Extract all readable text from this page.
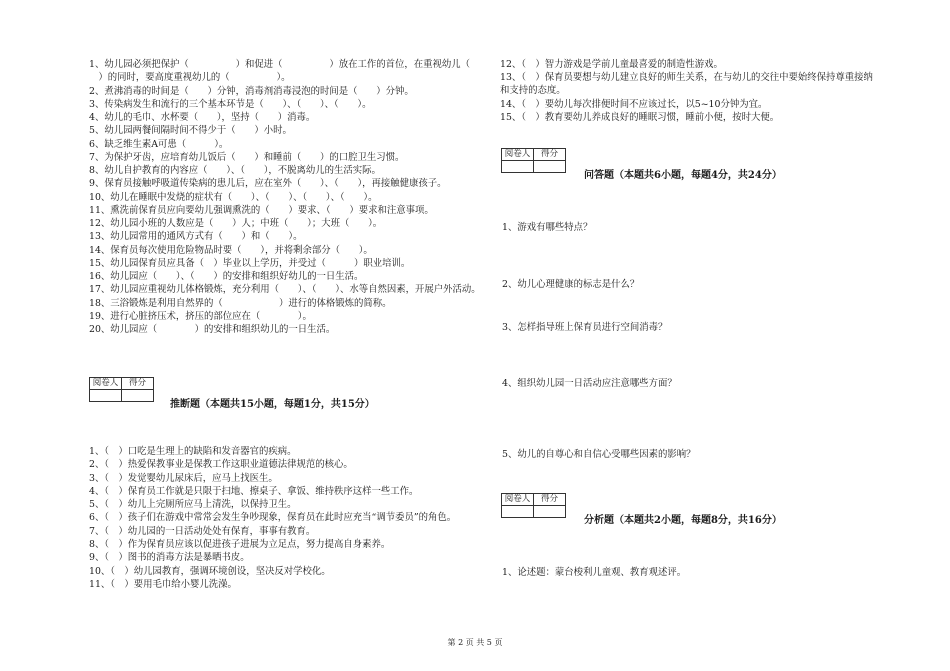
1、幼儿园必须把保护（　　　　　）和促进（　　　　　）放在工作的首位，在重视幼儿（
　）的同时，要高度重视幼儿的（　　　　　）。
2、煮沸消毒的时间是（　　）分钟，消毒剂消毒浸泡的时间是（　　）分钟。
3、传染病发生和流行的三个基本环节是（　　）、（　　）、（　　）。
4、幼儿的毛巾、水杯要（　　），坚持（　　）消毒。
5、幼儿园两餐间隔时间不得少于（　　）小时。
6、缺乏维生素A可患（　　　）。
7、为保护牙齿，应培育幼儿饭后（　　）和睡前（　　）的口腔卫生习惯。
8、幼儿自护教育的内容应（　　）、（　　），不脱离幼儿的生活实际。
9、保育员接触呼吸道传染病的患儿后，应在室外（　　）、（　　），再接触健康孩子。
10、幼儿在睡眠中发烧的症状有（　　）、（　　）、（　　）、（　　）。
11、熏洗前保育员应向要幼儿强调熏洗的（　　）要求、（　　）要求和注意事项。
12、幼儿园小班的人数应是（　　）人；中班（　　）；大班（　　）。
13、幼儿园常用的通风方式有（　　）和（　　）。
14、保育员每次使用危险物品时要（　　），并将剩余部分（　　）。
15、幼儿园保育员应具备（　）毕业以上学历，并受过（　　　）职业培训。
16、幼儿园应（　　）、（　　）的安排和组织好幼儿的一日生活。
17、幼儿园应重视幼儿体格锻炼，充分利用（　　）、（　　）、水等自然因素，开展户外活动。
18、三浴锻炼是利用自然界的（　　　　　　）进行的体格锻炼的简称。
19、进行心脏挤压术，挤压的部位应在（　　　　）。
20、幼儿园应（　　　　）的安排和组织幼儿的一日生活。
阅卷人	得分

推断题（本题共15小题，每题1分，共15分）
1、（　）口吃是生理上的缺陷和发音器官的疾病。
2、（　）热爱保教事业是保教工作这职业道德法律规范的核心。
3、（　）发觉婴幼儿尿床后，应马上找医生。
4、（　）保育员工作就是只限于扫地、擦桌子、拿饭、维持秩序这样一些工作。
5、（　）幼儿上完厕所应马上清洗，以保持卫生。
6、（　）孩子们在游戏中常常会发生争吵现象，保育员在此时应充当“调节委员”的角色。
7、（　）幼儿园的一日活动处处有保育，事事有教育。
8、（　）作为保育员应该以促进孩子进展为立足点，努力提高自身素养。
9、（　）图书的消毒方法是暴晒书皮。
10、（　）幼儿园教育，强调环境创设，坚决反对学校化。
11、（　）要用毛巾给小婴儿洗澡。
12、（　）智力游戏是学前儿童最喜爱的制造性游戏。
13、（　）保育员要想与幼儿建立良好的师生关系，在与幼儿的交往中要始终保持尊重接纳
和支持的态度。
14、（　）要幼儿每次排便时间不应该过长，以5~10分钟为宜。
15、（　）教育要幼儿养成良好的睡眠习惯，睡前小便，按时大便。
阅卷人	得分

问答题（本题共6小题，每题4分，共24分）
1、游戏有哪些特点？
2、幼儿心理健康的标志是什么？
3、怎样指导班上保育员进行空间消毒？
4、组织幼儿园一日活动应注意哪些方面？
5、幼儿的自尊心和自信心受哪些因素的影响？
阅卷人	得分

分析题（本题共2小题，每题8分，共16分）
1、论述题：蒙台梭利儿童观、教育观述评。
第 2 页 共 5 页
